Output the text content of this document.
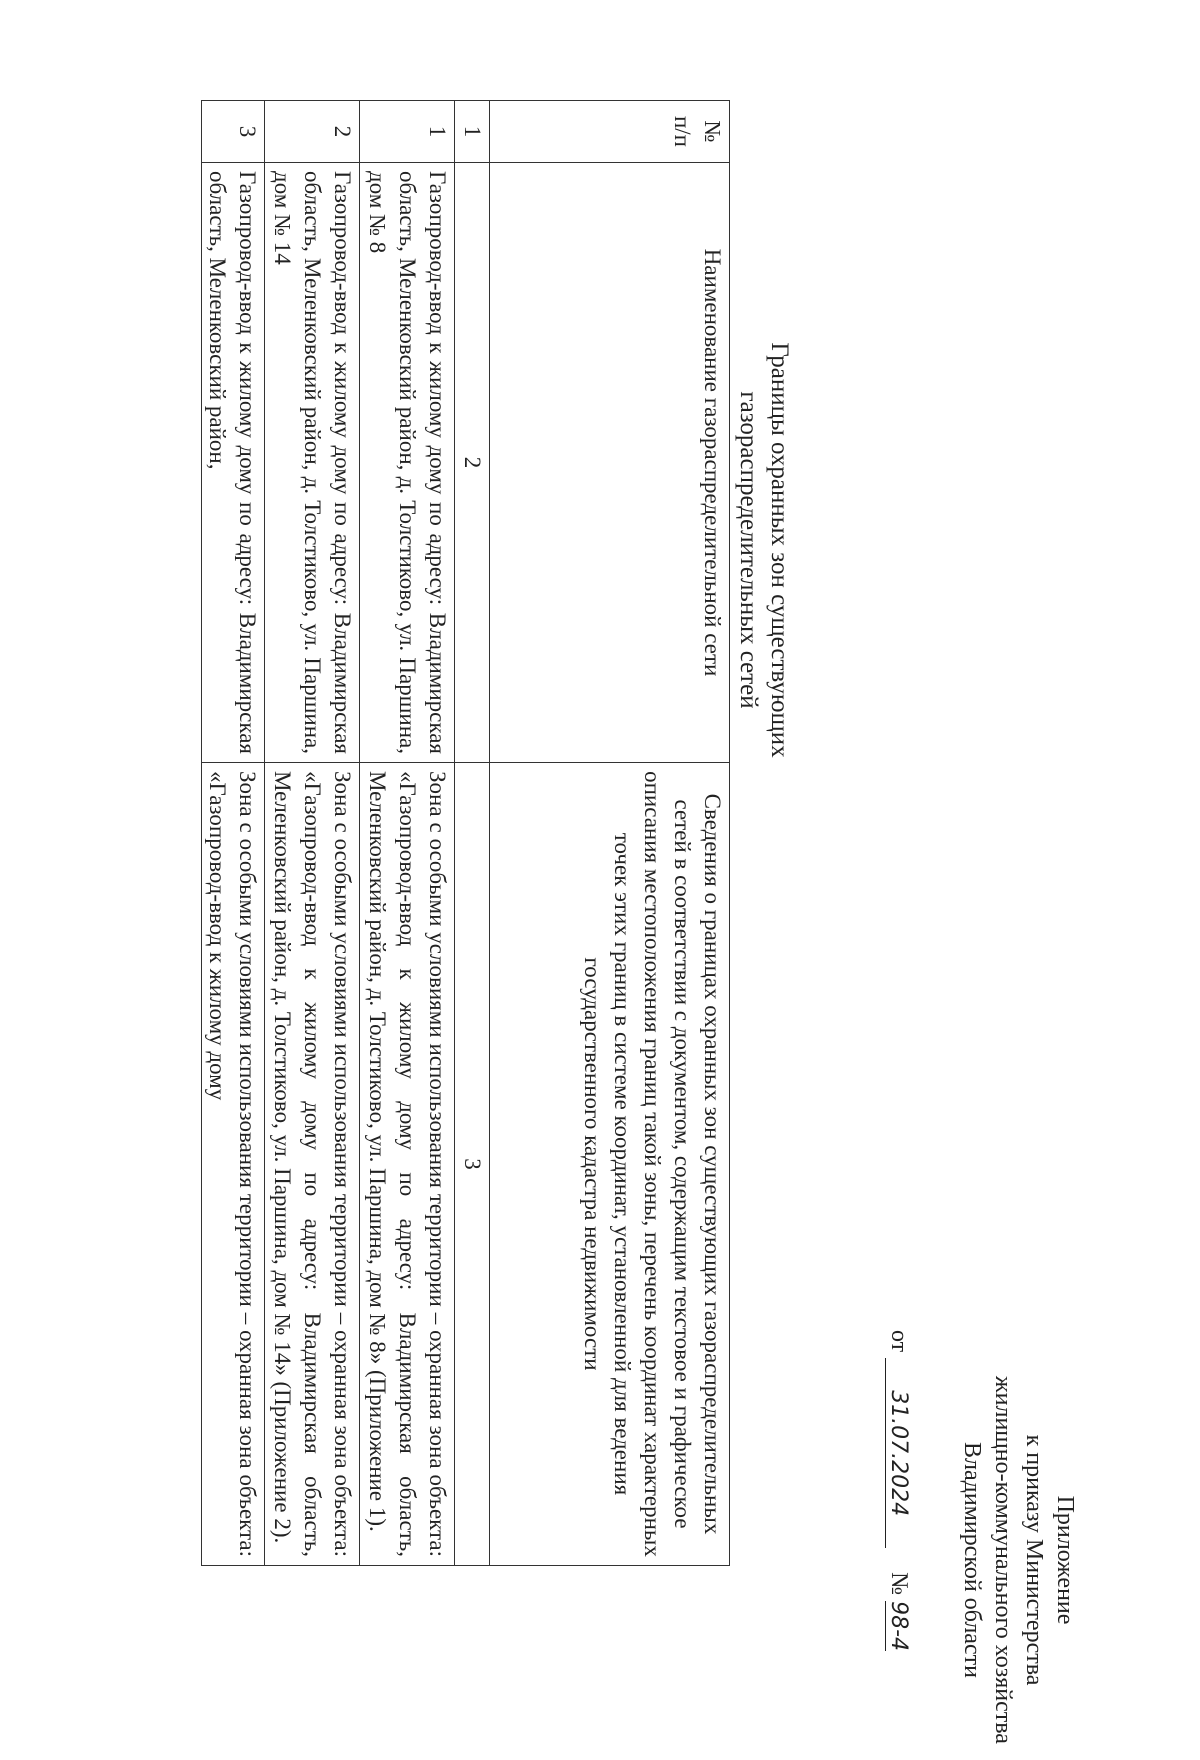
Приложение
к приказу Министерства
жилищно-коммунального хозяйства
Владимирской области
от 31.07.2024    № 98-4
Границы охранных зон существующих
газораспределительных сетей
№ п/п	Наименование газораспределительной сети	Сведения о границах охранных зон существующих газораспределительных сетей в соответствии с документом, содержащим текстовое и графическое описания местоположения границ такой зоны, перечень координат характерных точек этих границ в системе координат, установленной для ведения государственного кадастра недвижимости
1	2	3
1	Газопровод-ввод к жилому дому по адресу: Владимирская область, Меленковский район, д. Толстиково, ул. Паршина, дом № 8	Зона с особыми условиями использования территории – охранная зона объекта: «Газопровод-ввод к жилому дому по адресу: Владимирская область, Меленковский район, д. Толстиково, ул. Паршина, дом № 8» (Приложение 1).
2	Газопровод-ввод к жилому дому по адресу: Владимирская область, Меленковский район, д. Толстиково, ул. Паршина, дом № 14	Зона с особыми условиями использования территории – охранная зона объекта: «Газопровод-ввод к жилому дому по адресу: Владимирская область, Меленковский район, д. Толстиково, ул. Паршина, дом № 14» (Приложение 2).
3	Газопровод-ввод к жилому дому по адресу: Владимирская область, Меленковский район,	Зона с особыми условиями использования территории – охранная зона объекта: «Газопровод-ввод к жилому дому
